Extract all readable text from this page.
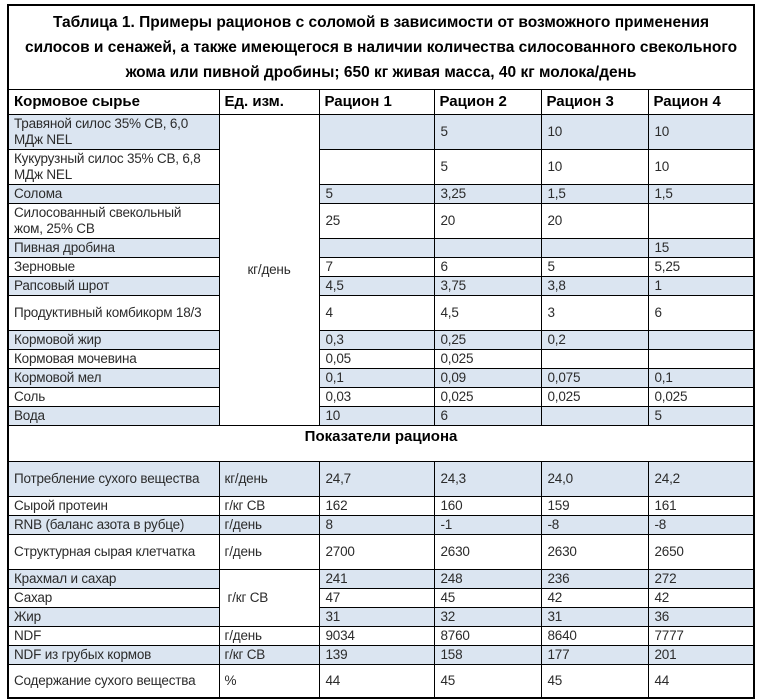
Таблица 1. Примеры рационов с соломой в зависимости от возможного применения силосов и сенажей, а также имеющегося в наличии количества силосованного свекольного жома или пивной дробины; 650 кг живая масса, 40 кг молока/день					
Кормовое сырье	Ед. изм.	Рацион 1	Рацион 2	Рацион 3	Рацион 4
Травяной силос 35% СВ, 6,0 МДж NEL	кг/день		5	10	10
Кукурузный силос 35% СВ, 6,8 МДж NEL			5	10	10
Солома		5	3,25	1,5	1,5
Силосованный свекольный жом, 25% СВ		25	20	20	
Пивная дробина					15
Зерновые		7	6	5	5,25
Рапсовый шрот		4,5	3,75	3,8	1
Продуктивный комбикорм 18/3		4	4,5	3	6
Кормовой жир		0,3	0,25	0,2	
Кормовая мочевина		0,05	0,025		
Кормовой мел		0,1	0,09	0,075	0,1
Соль		0,03	0,025	0,025	0,025
Вода		10	6		5
Показатели рациона					
Потребление сухого вещества	кг/день	24,7	24,3	24,0	24,2
Сырой протеин	г/кг СВ	162	160	159	161
RNB (баланс азота в рубце)	г/день	8	-1	-8	-8
Структурная сырая клетчатка	г/день	2700	2630	2630	2650
Крахмал и сахар	г/кг СВ	241	248	236	272
Сахар		47	45	42	42
Жир		31	32	31	36
NDF	г/день	9034	8760	8640	7777
NDF из грубых кормов	г/кг СВ	139	158	177	201
Содержание сухого вещества	%	44	45	45	44
